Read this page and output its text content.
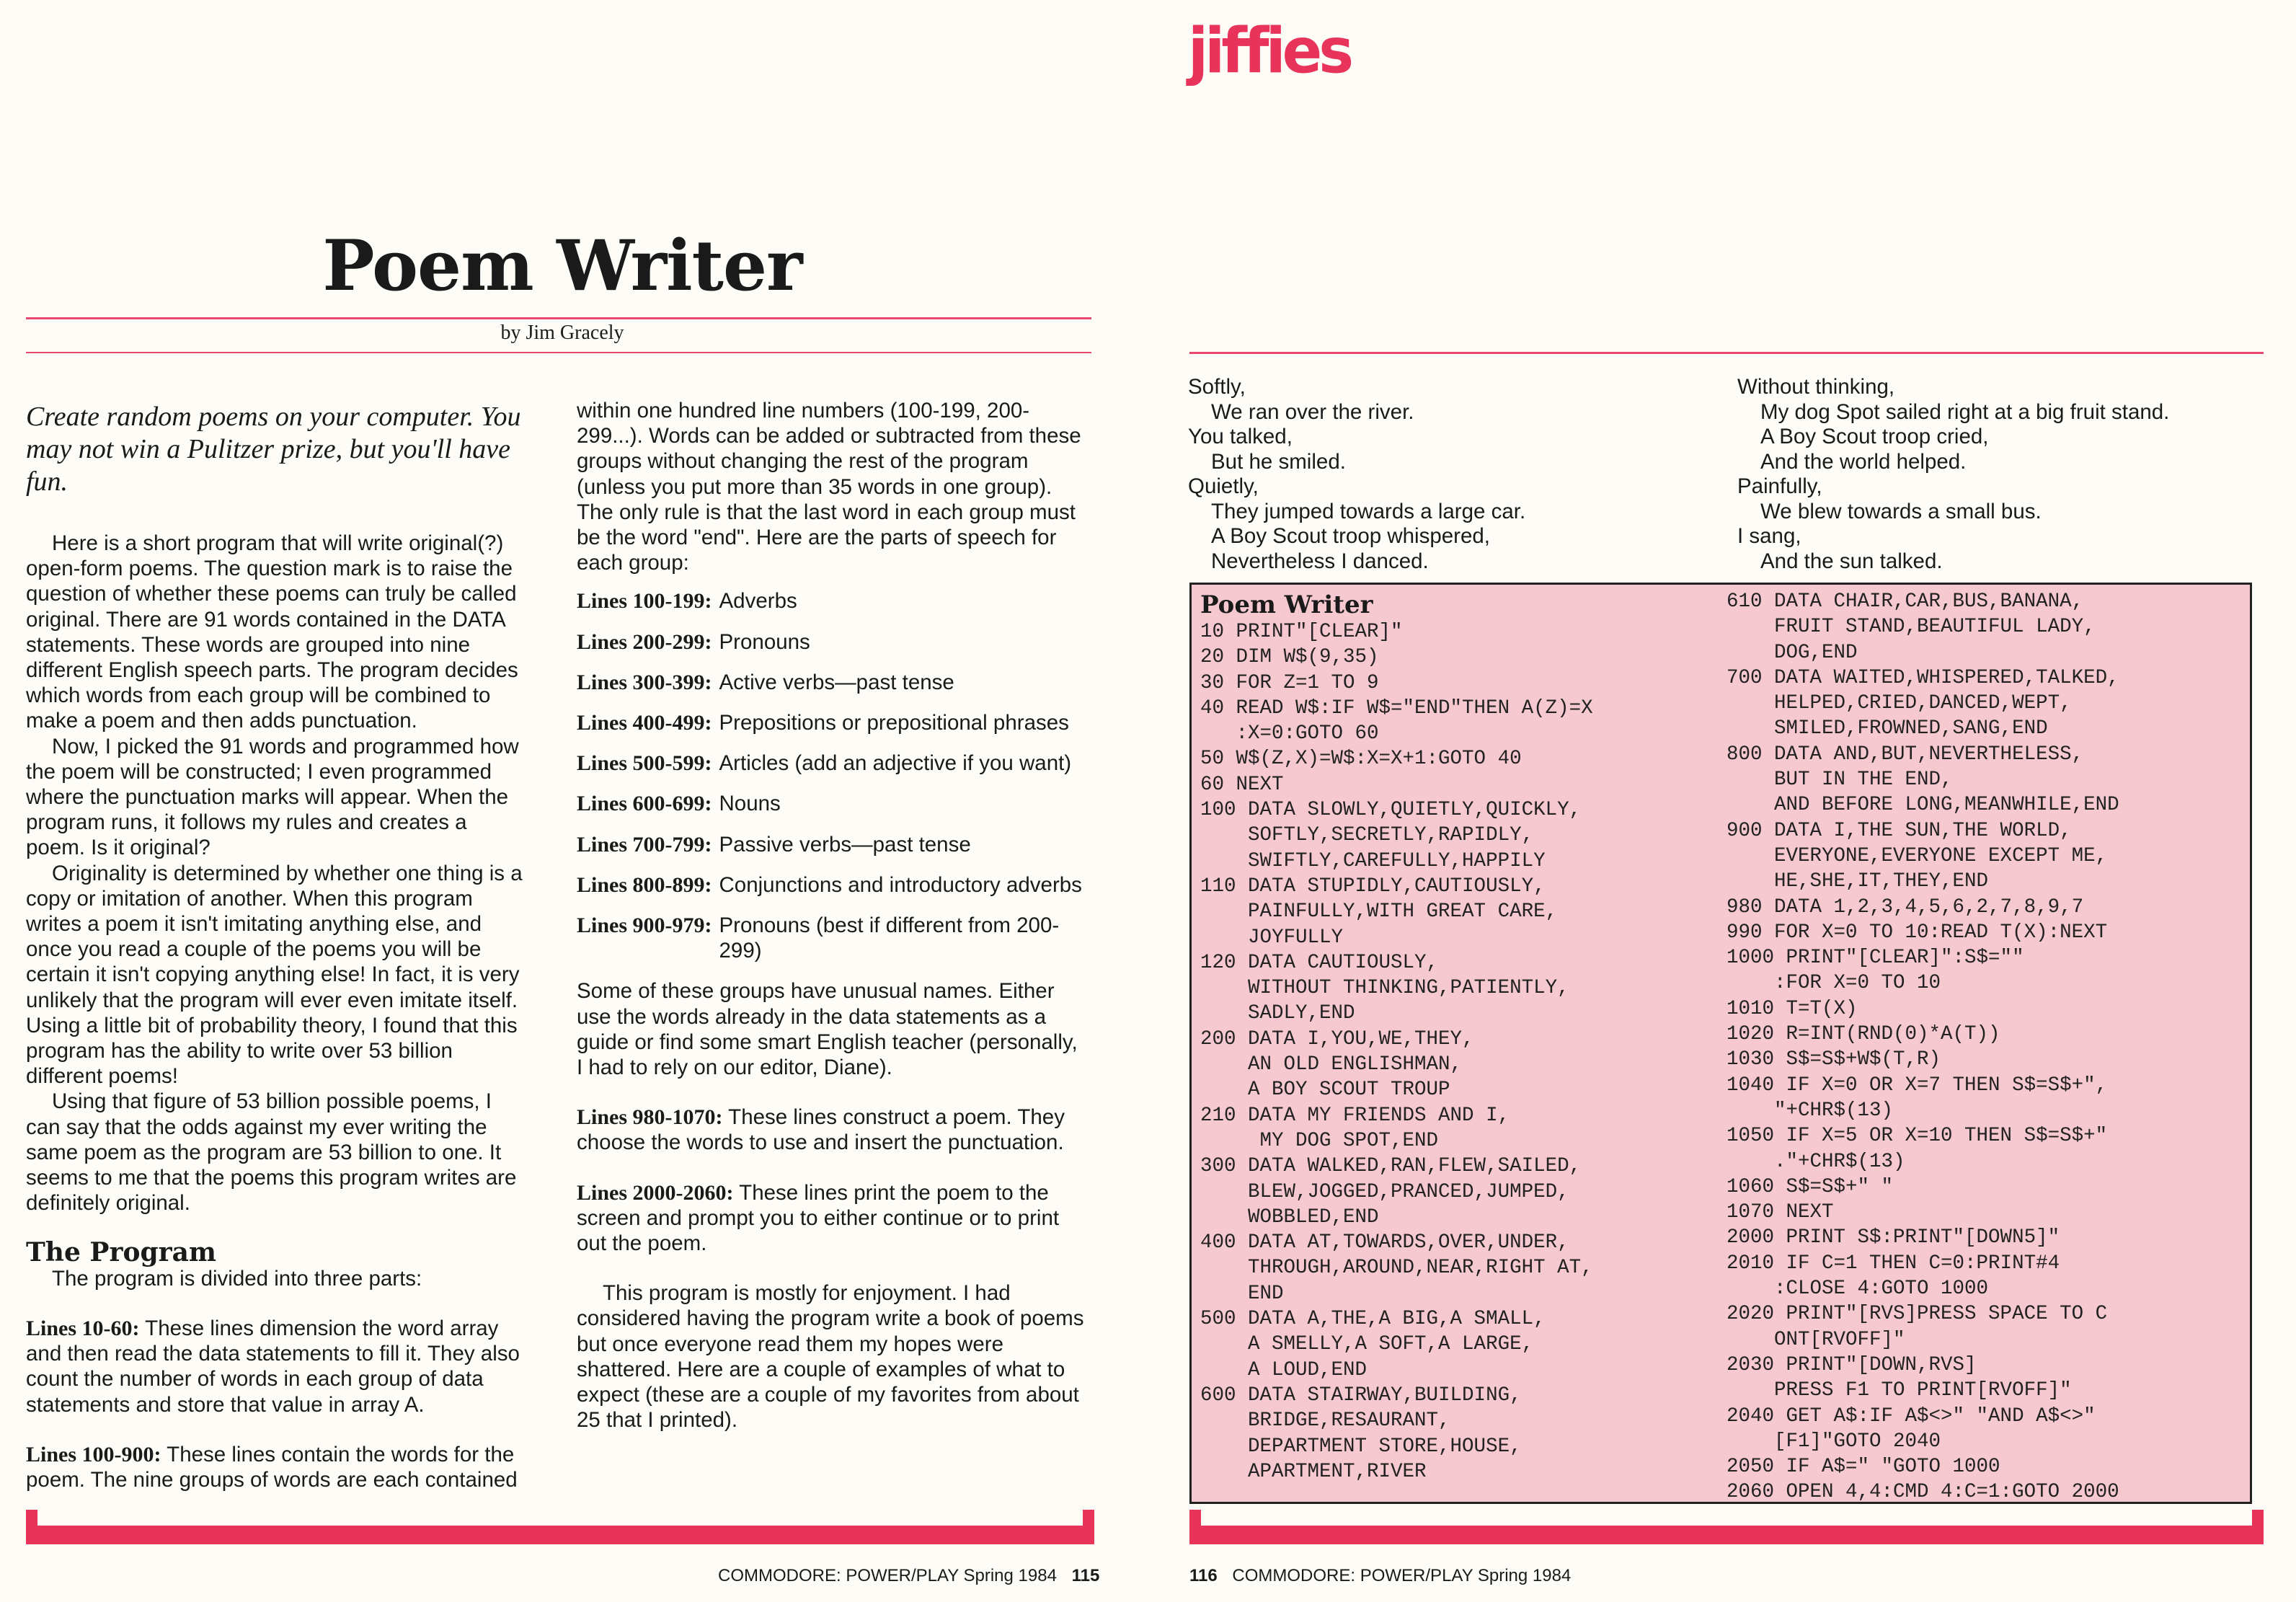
Poem Writer
by Jim Gracely
Create random poems on your computer. You may not win a Pulitzer prize, but you'll have fun.

Here is a short program that will write original(?) open-form poems. The question mark is to raise the question of whether these poems can truly be called original. There are 91 words contained in the DATA statements. These words are grouped into nine different English speech parts. The program decides which words from each group will be combined to make a poem and then adds punctuation.

Now, I picked the 91 words and programmed how the poem will be constructed; I even programmed where the punctuation marks will appear. When the program runs, it follows my rules and creates a poem. Is it original?

Originality is determined by whether one thing is a copy or imitation of another. When this program writes a poem it isn't imitating anything else, and once you read a couple of the poems you will be certain it isn't copying anything else! In fact, it is very unlikely that the program will ever even imitate itself. Using a little bit of probability theory, I found that this program has the ability to write over 53 billion different poems!

Using that figure of 53 billion possible poems, I can say that the odds against my ever writing the same poem as the program are 53 billion to one. It seems to me that the poems this program writes are definitely original.

The Program

The program is divided into three parts:

Lines 10-60: These lines dimension the word array and then read the data statements to fill it. They also count the number of words in each group of data statements and store that value in array A.
Lines 100-900: These lines contain the words for the poem. The nine groups of words are each contained
within one hundred line numbers (100-199, 200-299...). Words can be added or subtracted from these groups without changing the rest of the program (unless you put more than 35 words in one group). The only rule is that the last word in each group must be the word "end". Here are the parts of speech for each group:
Lines 100-199: Adverbs
Lines 200-299: Pronouns
Lines 300-399: Active verbs—past tense
Lines 400-499: Prepositions or prepositional phrases
Lines 500-599: Articles (add an adjective if you want)
Lines 600-699: Nouns
Lines 700-799: Passive verbs—past tense
Lines 800-899: Conjunctions and introductory adverbs
Lines 900-979: Pronouns (best if different from 200-299)
Some of these groups have unusual names. Either use the words already in the data statements as a guide or find some smart English teacher (personally, I had to rely on our editor, Diane).
Lines 980-1070: These lines construct a poem. They choose the words to use and insert the punctuation.
Lines 2000-2060: These lines print the poem to the screen and prompt you to either continue or to print out the poem.

This program is mostly for enjoyment. I had considered having the program write a book of poems but once everyone read them my hopes were shattered. Here are a couple of examples of what to expect (these are a couple of my favorites from about 25 that I printed).

COMMODORE: POWER/PLAY Spring 1984 115
jiffies
Softly,
We ran over the river.
You talked,
But he smiled.
Quietly,
They jumped towards a large car.
A Boy Scout troop whispered,
Nevertheless I danced.
Without thinking,
My dog Spot sailed right at a big fruit stand.
A Boy Scout troop cried,
And the world helped.
Painfully,
We blew towards a small bus.
I sang,
And the sun talked.
Poem Writer
10 PRINT"[CLEAR]"
20 DIM W$(9,35)
30 FOR Z=1 TO 9
40 READ W$:IF W$="END"THEN A(Z)=X
:X=0:GOTO 60
50 W$(Z,X)=W$:X=X+1:GOTO 40
60 NEXT
100 DATA SLOWLY,QUIETLY,QUICKLY,
SOFTLY,SECRETLY,RAPIDLY,
SWIFTLY,CAREFULLY,HAPPILY
110 DATA STUPIDLY,CAUTIOUSLY,
PAINFULLY,WITH GREAT CARE,
JOYFULLY
120 DATA CAUTIOUSLY,
WITHOUT THINKING,PATIENTLY,
SADLY,END
200 DATA I,YOU,WE,THEY,
AN OLD ENGLISHMAN,
A BOY SCOUT TROUP
210 DATA MY FRIENDS AND I,
MY DOG SPOT,END
300 DATA WALKED,RAN,FLEW,SAILED,
BLEW,JOGGED,PRANCED,JUMPED,
WOBBLED,END
400 DATA AT,TOWARDS,OVER,UNDER,
THROUGH,AROUND,NEAR,RIGHT AT,
END
500 DATA A,THE,A BIG,A SMALL,
A SMELLY,A SOFT,A LARGE,
A LOUD,END
600 DATA STAIRWAY,BUILDING,
BRIDGE,RESAURANT,
DEPARTMENT STORE,HOUSE,
APARTMENT,RIVER
610 DATA CHAIR,CAR,BUS,BANANA,
FRUIT STAND,BEAUTIFUL LADY,
DOG,END
700 DATA WAITED,WHISPERED,TALKED,
HELPED,CRIED,DANCED,WEPT,
SMILED,FROWNED,SANG,END
800 DATA AND,BUT,NEVERTHELESS,
BUT IN THE END,
AND BEFORE LONG,MEANWHILE,END
900 DATA I,THE SUN,THE WORLD,
EVERYONE,EVERYONE EXCEPT ME,
HE,SHE,IT,THEY,END
980 DATA 1,2,3,4,5,6,2,7,8,9,7
990 FOR X=0 TO 10:READ T(X):NEXT
1000 PRINT"[CLEAR]":S$=""
:FOR X=0 TO 10
1010 T=T(X)
1020 R=INT(RND(0)*A(T))
1030 S$=S$+W$(T,R)
1040 IF X=0 OR X=7 THEN S$=S$+",
"+CHR$(13)
1050 IF X=5 OR X=10 THEN S$=S$+"
."+CHR$(13)
1060 S$=S$+" "
1070 NEXT
2000 PRINT S$:PRINT"[DOWN5]"
2010 IF C=1 THEN C=0:PRINT#4
:CLOSE 4:GOTO 1000
2020 PRINT"[RVS]PRESS SPACE TO C
ONT[RVOFF]"
2030 PRINT"[DOWN,RVS]
PRESS F1 TO PRINT[RVOFF]"
2040 GET A$:IF A$<>" "AND A$<>"
[F1]"GOTO 2040
2050 IF A$=" "GOTO 1000
2060 OPEN 4,4:CMD 4:C=1:GOTO 2000
116 COMMODORE: POWER/PLAY Spring 1984
